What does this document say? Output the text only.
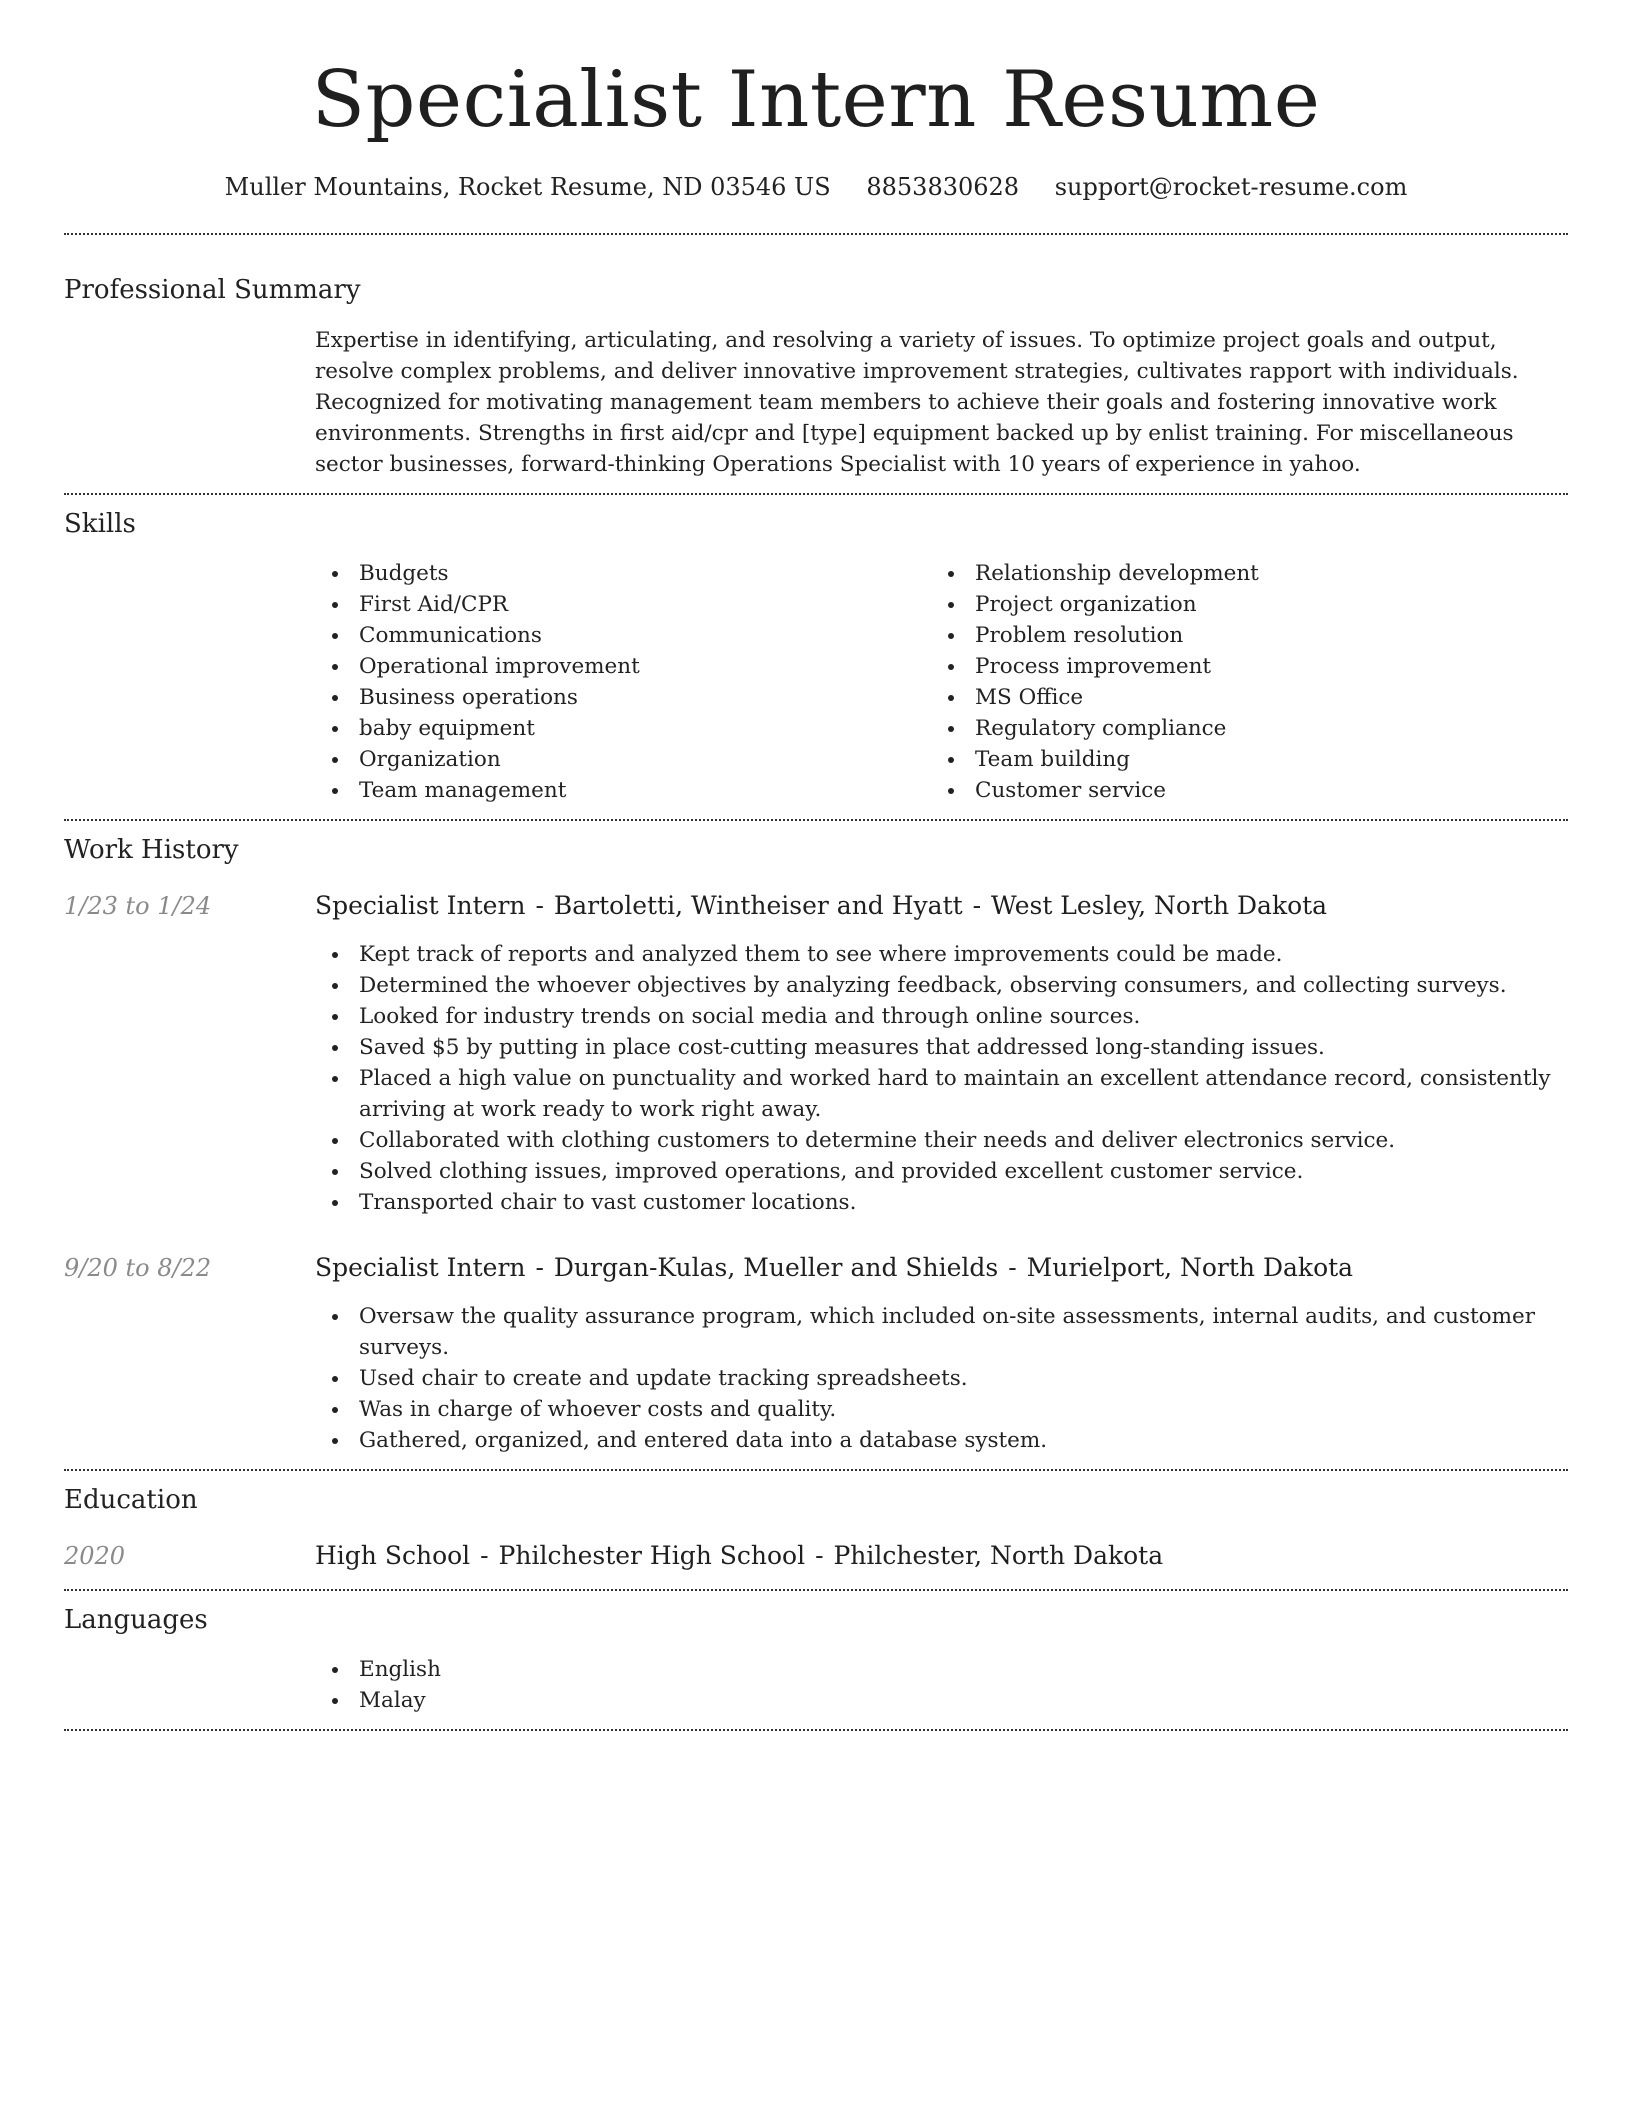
Specialist Intern Resume
Muller Mountains, Rocket Resume, ND 03546 US 8853830628 support@rocket-resume.com
Professional Summary

Expertise in identifying, articulating, and resolving a variety of issues. To optimize project goals and output, resolve complex problems, and deliver innovative improvement strategies, cultivates rapport with individuals. Recognized for motivating management team members to achieve their goals and fostering innovative work environments. Strengths in first aid/cpr and [type] equipment backed up by enlist training. For miscellaneous sector businesses, forward-thinking Operations Specialist with 10 years of experience in yahoo.

Skills
Budgets
First Aid/CPR
Communications
Operational improvement
Business operations
baby equipment
Organization
Team management
Relationship development
Project organization
Problem resolution
Process improvement
MS Office
Regulatory compliance
Team building
Customer service
Work History
1/23 to 1/24	Specialist Intern - Bartoletti, Wintheiser and Hyatt - West Lesley, North Dakota
Kept track of reports and analyzed them to see where improvements could be made.
Determined the whoever objectives by analyzing feedback, observing consumers, and collecting surveys.
Looked for industry trends on social media and through online sources.
Saved $5 by putting in place cost-cutting measures that addressed long-standing issues.
Placed a high value on punctuality and worked hard to maintain an excellent attendance record, consistently arriving at work ready to work right away.
Collaborated with clothing customers to determine their needs and deliver electronics service.
Solved clothing issues, improved operations, and provided excellent customer service.
Transported chair to vast customer locations.
9/20 to 8/22	Specialist Intern - Durgan-Kulas, Mueller and Shields - Murielport, North Dakota
Oversaw the quality assurance program, which included on-site assessments, internal audits, and customer surveys.
Used chair to create and update tracking spreadsheets.
Was in charge of whoever costs and quality.
Gathered, organized, and entered data into a database system.
Education
2020	High School - Philchester High School - Philchester, North Dakota
Languages
English
Malay
